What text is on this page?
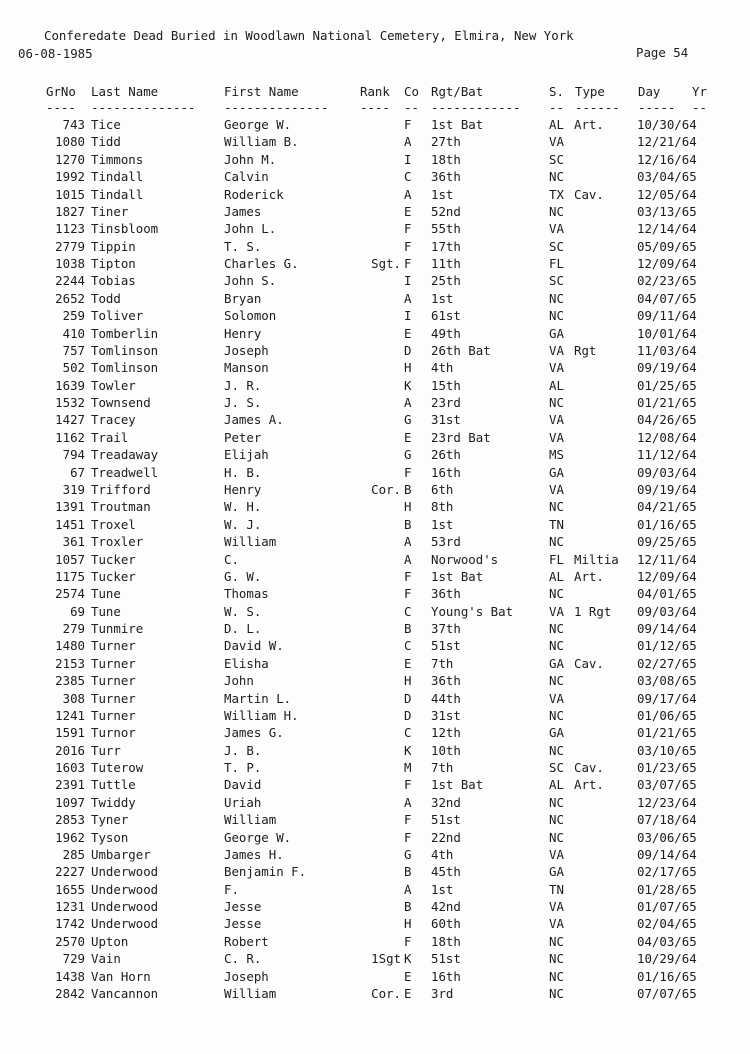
Conferedate Dead Buried in Woodlawn National Cemetery, Elmira, New York
06-08-1985	Page 54
GrNo Last Name	First Name	Rank Co Rgt/Bat	S. Type	Day	Yr
---- -------------- --------------	---- -- ------------ -- ------ ----- --
743 Tice	George W.	F 1st Bat	AL Art.	10/30/64
1080 Tidd	William B.	A 27th	VA	12/21/64
1270 Timmons	John M.	I 18th	SC	12/16/64
1992 Tindall	Calvin	C 36th	NC	03/04/65
1015 Tindall	Roderick	A 1st	TX Cav.	12/05/64
1827 Tiner	James	E 52nd	NC	03/13/65
1123 Tinsbloom	John L.	F 55th	VA	12/14/64
2779 Tippin	T. S.	F 17th	SC	05/09/65
1038 Tipton	Charles G.	Sgt. F 11th	FL	12/09/64
2244 Tobias	John S.	I 25th	SC	02/23/65
2652 Todd	Bryan	A 1st	NC	04/07/65
259 Toliver	Solomon	I 61st	NC	09/11/64
410 Tomberlin	Henry	E 49th	GA	10/01/64
757 Tomlinson	Joseph	D 26th Bat	VA Rgt	11/03/64
502 Tomlinson	Manson	H 4th	VA	09/19/64
1639 Towler	J. R.	K 15th	AL	01/25/65
1532 Townsend	J. S.	A 23rd	NC	01/21/65
1427 Tracey	James A.	G 31st	VA	04/26/65
1162 Trail	Peter	E 23rd Bat	VA	12/08/64
794 Treadaway	Elijah	G 26th	MS	11/12/64
67 Treadwell	H. B.	F 16th	GA	09/03/64
319 Trifford	Henry	Cor. B 6th	VA	09/19/64
1391 Troutman	W. H.	H 8th	NC	04/21/65
1451 Troxel	W. J.	B 1st	TN	01/16/65
361 Troxler	William	A 53rd	NC	09/25/65
1057 Tucker	C.	A Norwood's	FL Miltia 12/11/64
1175 Tucker	G. W.	F 1st Bat	AL Art.	12/09/64
2574 Tune	Thomas	F 36th	NC	04/01/65
69 Tune	W. S.	C Young's Bat	VA 1 Rgt 09/03/64
279 Tunmire	D. L.	B 37th	NC	09/14/64
1480 Turner	David W.	C 51st	NC	01/12/65
2153 Turner	Elisha	E 7th	GA Cav.	02/27/65
2385 Turner	John	H 36th	NC	03/08/65
308 Turner	Martin L.	D 44th	VA	09/17/64
1241 Turner	William H.	D 31st	NC	01/06/65
1591 Turnor	James G.	C 12th	GA	01/21/65
2016 Turr	J. B.	K 10th	NC	03/10/65
1603 Tuterow	T. P.	M 7th	SC Cav.	01/23/65
2391 Tuttle	David	F 1st Bat	AL Art.	03/07/65
1097 Twiddy	Uriah	A 32nd	NC	12/23/64
2853 Tyner	William	F 51st	NC	07/18/64
1962 Tyson	George W.	F 22nd	NC	03/06/65
285 Umbarger	James H.	G 4th	VA	09/14/64
2227 Underwood	Benjamin F.	B 45th	GA	02/17/65
1655 Underwood	F.	A 1st	TN	01/28/65
1231 Underwood	Jesse	B 42nd	VA	01/07/65
1742 Underwood	Jesse	H 60th	VA	02/04/65
2570 Upton	Robert	F 18th	NC	04/03/65
729 Vain	C. R.	1Sgt K 51st	NC	10/29/64
1438 Van Horn	Joseph	E 16th	NC	01/16/65
2842 Vancannon	William	Cor. E 3rd	NC	07/07/65
